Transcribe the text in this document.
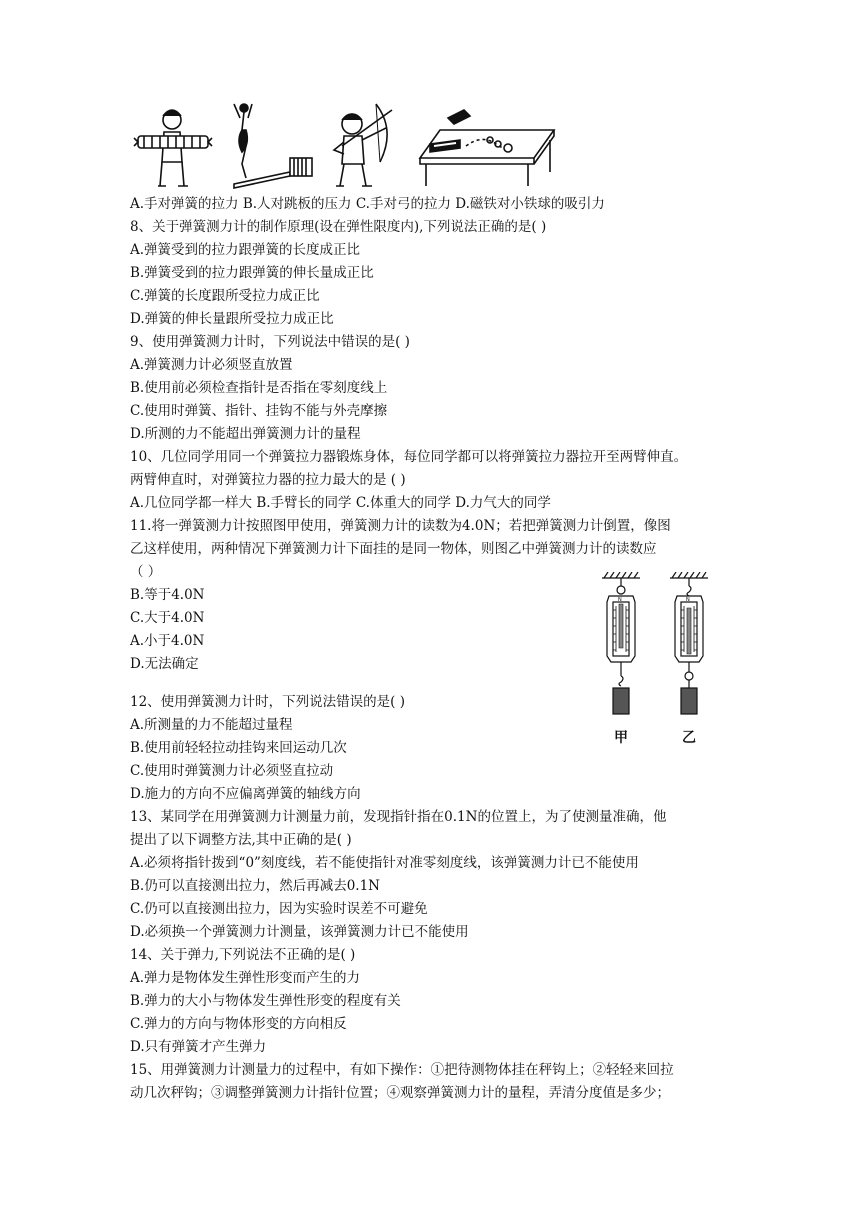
A.手对弹簧的拉力 B.人对跳板的压力 C.手对弓的拉力 D.磁铁对小铁球的吸引力
8、关于弹簧测力计的制作原理(设在弹性限度内),下列说法正确的是( )
A.弹簧受到的拉力跟弹簧的长度成正比
B.弹簧受到的拉力跟弹簧的伸长量成正比
C.弹簧的长度跟所受拉力成正比
D.弹簧的伸长量跟所受拉力成正比
9、使用弹簧测力计时，下列说法中错误的是( )
A.弹簧测力计必须竖直放置
B.使用前必须检查指针是否指在零刻度线上
C.使用时弹簧、指针、挂钩不能与外壳摩擦
D.所测的力不能超出弹簧测力计的量程
10、几位同学用同一个弹簧拉力器锻炼身体，每位同学都可以将弹簧拉力器拉开至两臂伸直。
两臂伸直时，对弹簧拉力器的拉力最大的是 ( )
A.几位同学都一样大 B.手臂长的同学 C.体重大的同学 D.力气大的同学
11.将一弹簧测力计按照图甲使用，弹簧测力计的读数为4.0N；若把弹簧测力计倒置，像图
乙这样使用，两种情况下弹簧测力计下面挂的是同一物体，则图乙中弹簧测力计的读数应
（ ）
B.等于4.0N
C.大于4.0N
A.小于4.0N
D.无法确定
12、使用弹簧测力计时，下列说法错误的是( )
A.所测量的力不能超过量程
B.使用前轻轻拉动挂钩来回运动几次
C.使用时弹簧测力计必须竖直拉动
D.施力的方向不应偏离弹簧的轴线方向
13、某同学在用弹簧测力计测量力前，发现指针指在0.1N的位置上，为了使测量准确，他
提出了以下调整方法,其中正确的是( )
A.必须将指针拨到“0”刻度线，若不能使指针对准零刻度线，该弹簧测力计已不能使用
B.仍可以直接测出拉力，然后再减去0.1N
C.仍可以直接测出拉力，因为实验时误差不可避免
D.必须换一个弹簧测力计测量，该弹簧测力计已不能使用
14、关于弹力,下列说法不正确的是( )
A.弹力是物体发生弹性形变而产生的力
B.弹力的大小与物体发生弹性形变的程度有关
C.弹力的方向与物体形变的方向相反
D.只有弹簧才产生弹力
15、用弹簧测力计测量力的过程中，有如下操作：①把待测物体挂在秤钩上；②轻轻来回拉
动几次秤钩；③调整弹簧测力计指针位置；④观察弹簧测力计的量程，弄清分度值是多少；
N	N
甲	乙
